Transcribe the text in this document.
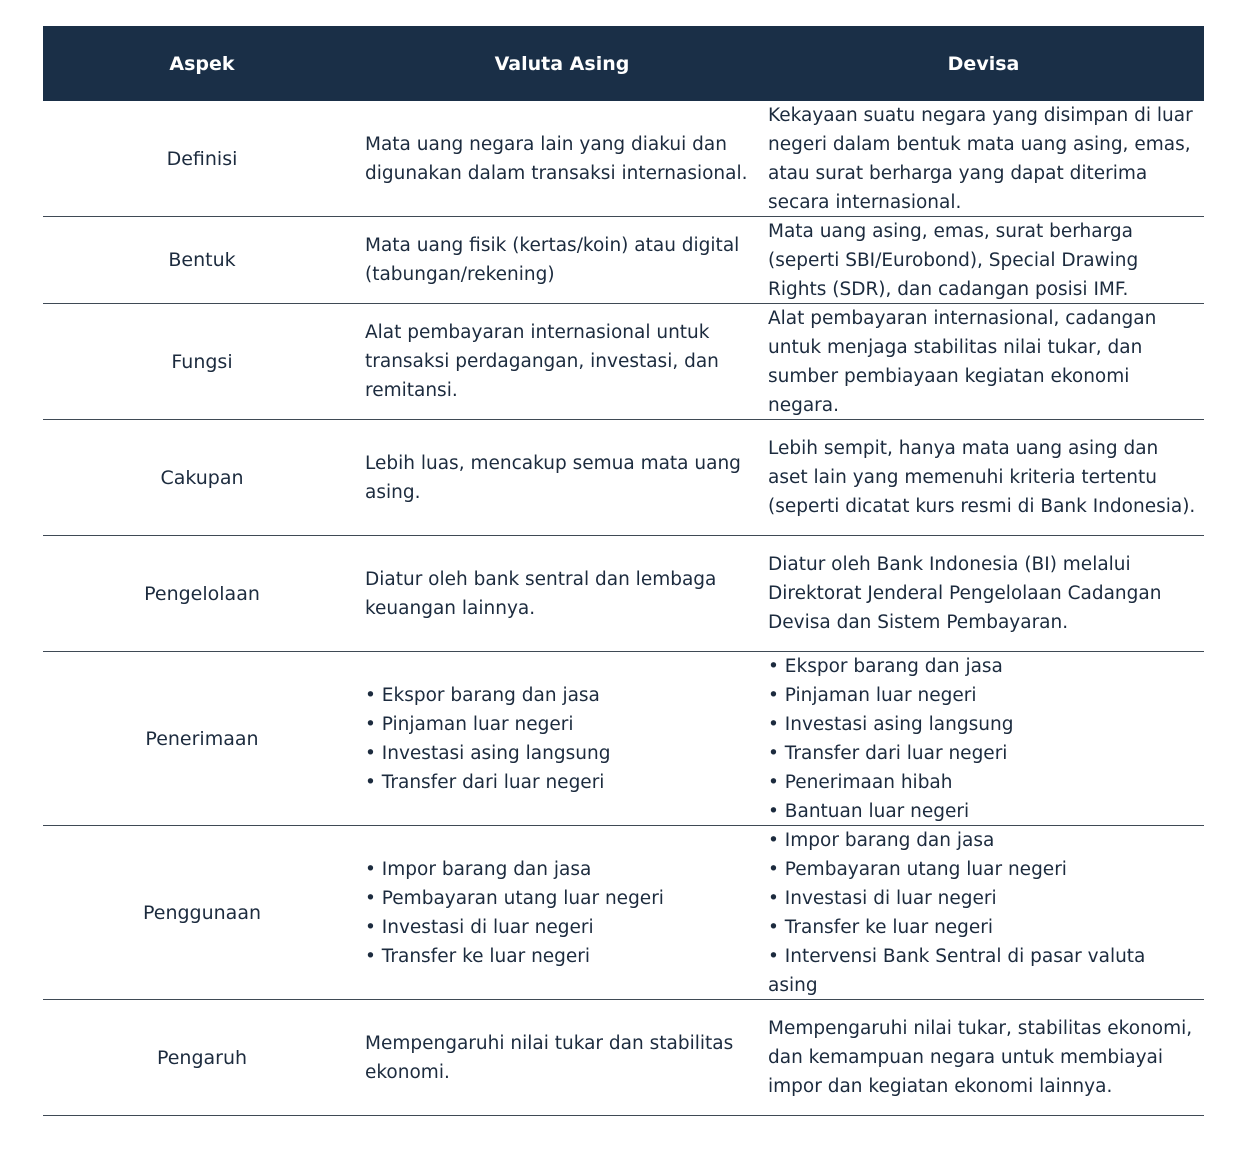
Aspek	Valuta Asing	Devisa
Definisi
Mata uang negara lain yang diakui dan digunakan dalam transaksi internasional.
Kekayaan suatu negara yang disimpan di luar negeri dalam bentuk mata uang asing, emas, atau surat berharga yang dapat diterima secara internasional.
Bentuk
Mata uang fisik (kertas/koin) atau digital (tabungan/rekening)
Mata uang asing, emas, surat berharga (seperti SBI/Eurobond), Special Drawing Rights (SDR), dan cadangan posisi IMF.
Fungsi
Alat pembayaran internasional untuk transaksi perdagangan, investasi, dan remitansi.
Alat pembayaran internasional, cadangan untuk menjaga stabilitas nilai tukar, dan sumber pembiayaan kegiatan ekonomi negara.
Cakupan
Lebih luas, mencakup semua mata uang asing.
Lebih sempit, hanya mata uang asing dan aset lain yang memenuhi kriteria tertentu (seperti dicatat kurs resmi di Bank Indonesia).
Pengelolaan
Diatur oleh bank sentral dan lembaga keuangan lainnya.
Diatur oleh Bank Indonesia (BI) melalui Direktorat Jenderal Pengelolaan Cadangan Devisa dan Sistem Pembayaran.
Penerimaan
• Ekspor barang dan jasa
• Pinjaman luar negeri
• Investasi asing langsung
• Transfer dari luar negeri
• Ekspor barang dan jasa
• Pinjaman luar negeri
• Investasi asing langsung
• Transfer dari luar negeri
• Penerimaan hibah
• Bantuan luar negeri
Penggunaan
• Impor barang dan jasa
• Pembayaran utang luar negeri
• Investasi di luar negeri
• Transfer ke luar negeri
• Impor barang dan jasa
• Pembayaran utang luar negeri
• Investasi di luar negeri
• Transfer ke luar negeri
• Intervensi Bank Sentral di pasar valuta asing
Pengaruh
Mempengaruhi nilai tukar dan stabilitas ekonomi.
Mempengaruhi nilai tukar, stabilitas ekonomi, dan kemampuan negara untuk membiayai impor dan kegiatan ekonomi lainnya.
